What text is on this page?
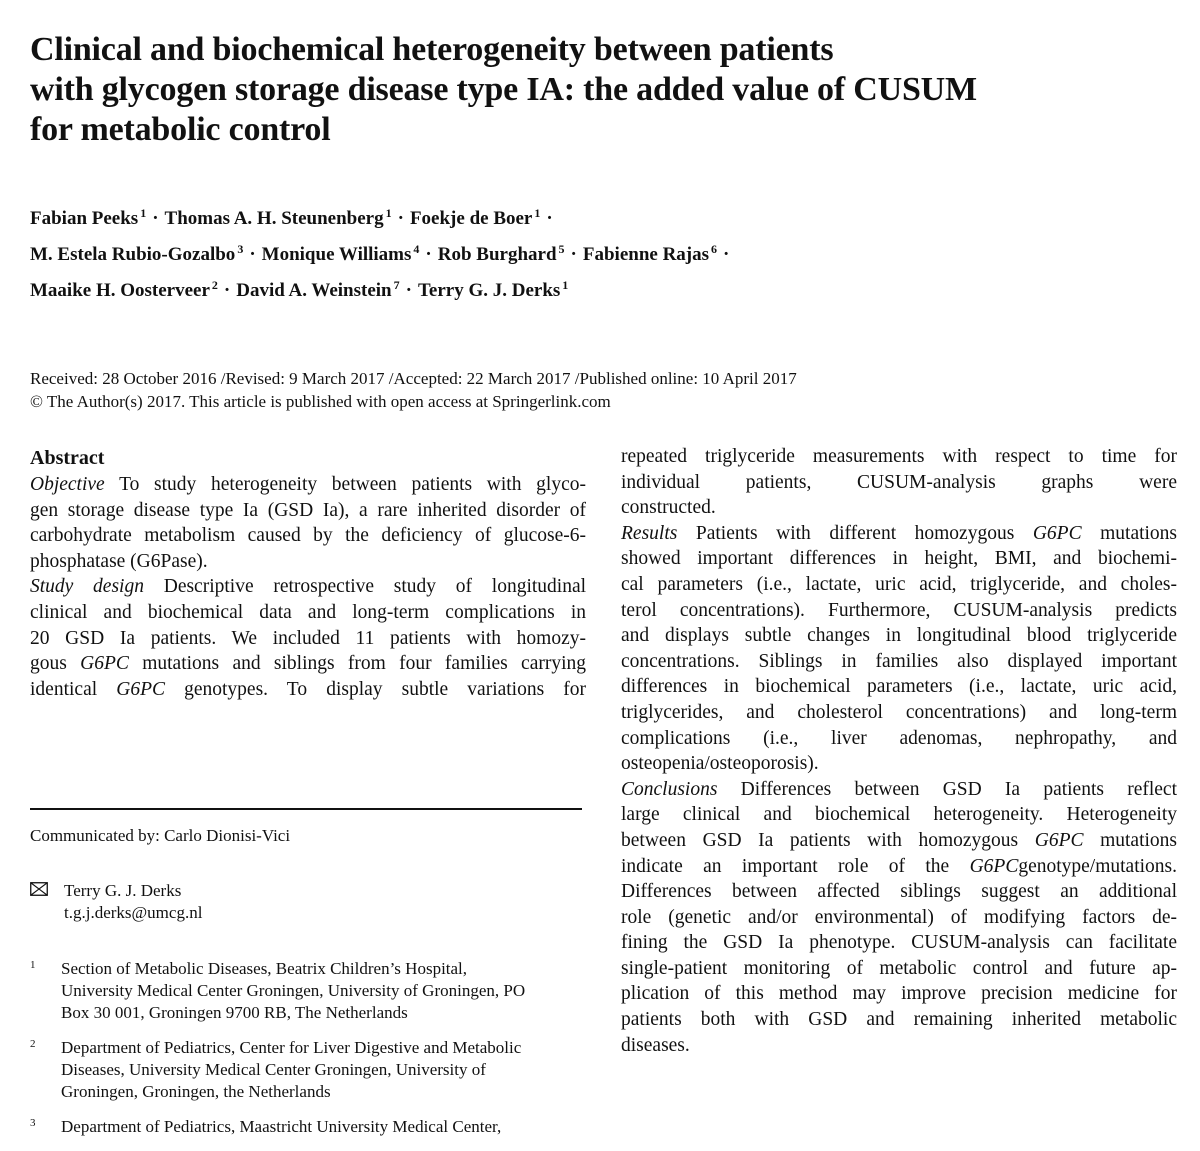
Clinical and biochemical heterogeneity between patients
with glycogen storage disease type IA: the added value of CUSUM
for metabolic control
Fabian Peeks $^1$ · Thomas A. H. Steunenberg $^1$ · Foekje de Boer $^1$ ·
M. Estela Rubio-Gozalbo $^3$ · Monique Williams $^4$ · Rob Burghard $^5$ · Fabienne Rajas $^6$ ·
Maaike H. Oosterveer $^2$ · David A. Weinstein $^7$ · Terry G. J. Derks $^1$
Received: 28 October 2016 /Revised: 9 March 2017 /Accepted: 22 March 2017 /Published online: 10 April 2017
© The Author(s) 2017. This article is published with open access at Springerlink.com
Abstract
Objective To study heterogeneity between patients with glyco-
gen storage disease type Ia (GSD Ia), a rare inherited disorder of
carbohydrate metabolism caused by the deficiency of glucose-6-
phosphatase (G6Pase).
Study design Descriptive retrospective study of longitudinal
clinical and biochemical data and long-term complications in
20 GSD Ia patients. We included 11 patients with homozy-
gous G6PC mutations and siblings from four families carrying
identical G6PC genotypes. To display subtle variations for
repeated triglyceride measurements with respect to time for
individual patients, CUSUM-analysis graphs were
constructed.
Results Patients with different homozygous G6PC mutations
showed important differences in height, BMI, and biochemi-
cal parameters (i.e., lactate, uric acid, triglyceride, and choles-
terol concentrations). Furthermore, CUSUM-analysis predicts
and displays subtle changes in longitudinal blood triglyceride
concentrations. Siblings in families also displayed important
differences in biochemical parameters (i.e., lactate, uric acid,
triglycerides, and cholesterol concentrations) and long-term
complications (i.e., liver adenomas, nephropathy, and
osteopenia/osteoporosis).
Conclusions Differences between GSD Ia patients reflect
large clinical and biochemical heterogeneity. Heterogeneity
between GSD Ia patients with homozygous G6PC mutations
indicate an important role of the G6PCgenotype/mutations.
Differences between affected siblings suggest an additional
role (genetic and/or environmental) of modifying factors de-
fining the GSD Ia phenotype. CUSUM-analysis can facilitate
single-patient monitoring of metabolic control and future ap-
plication of this method may improve precision medicine for
patients both with GSD and remaining inherited metabolic
diseases.
Communicated by: Carlo Dionisi-Vici
Terry G. J. Derks
t.g.j.derks@umcg.nl
1 Section of Metabolic Diseases, Beatrix Children’s Hospital,
University Medical Center Groningen, University of Groningen, PO
Box 30 001, Groningen 9700 RB, The Netherlands
2 Department of Pediatrics, Center for Liver Digestive and Metabolic
Diseases, University Medical Center Groningen, University of
Groningen, Groningen, the Netherlands
3 Department of Pediatrics, Maastricht University Medical Center,
